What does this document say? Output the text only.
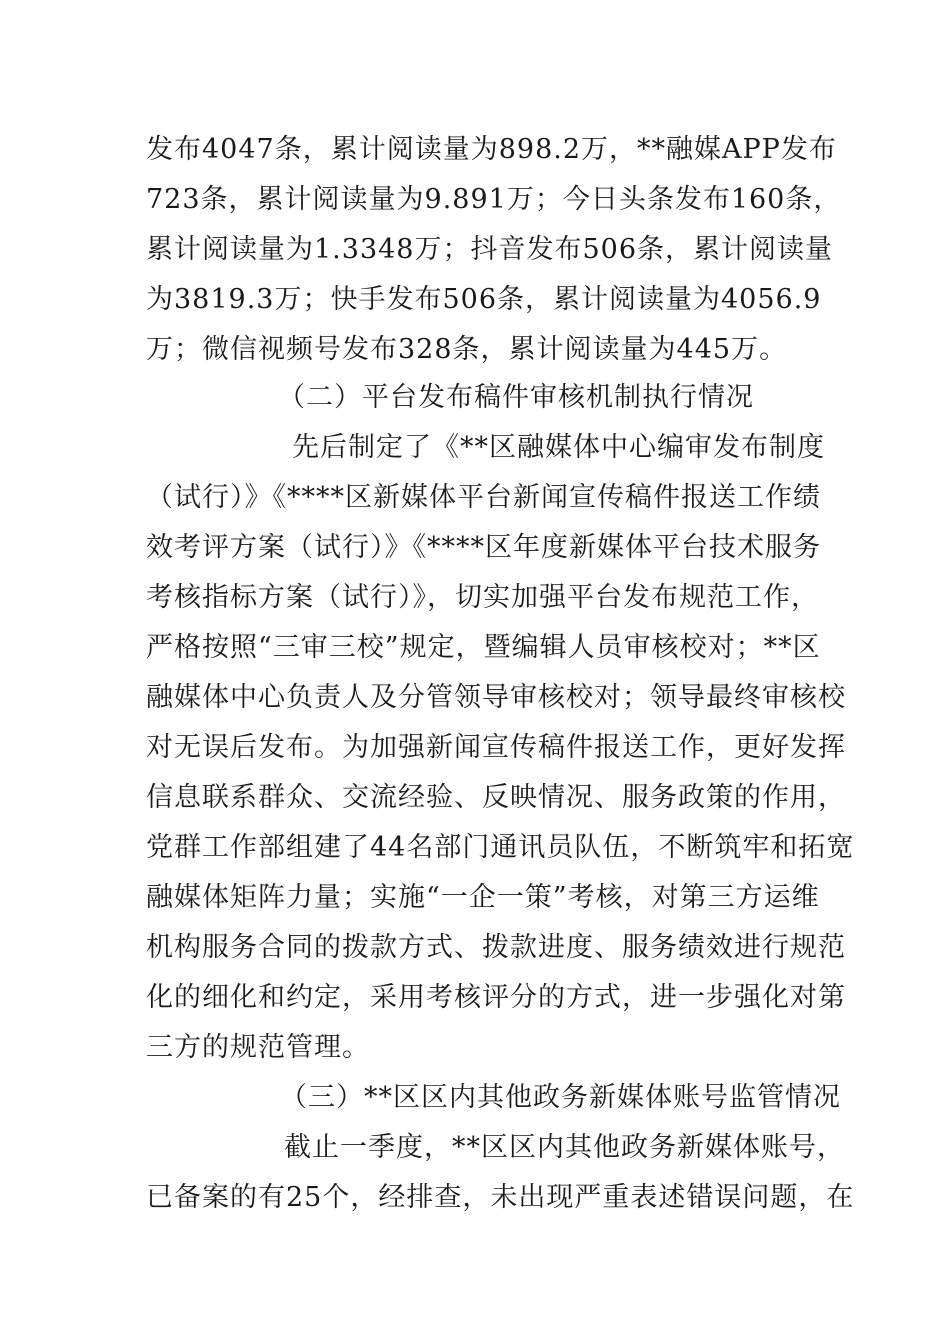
发布4047条，累计阅读量为898.2万，**融媒APP发布
723条，累计阅读量为9.891万；今日头条发布160条，
累计阅读量为1.3348万；抖音发布506条，累计阅读量
为3819.3万；快手发布506条，累计阅读量为4056.9
万；微信视频号发布328条，累计阅读量为445万。
（二）平台发布稿件审核机制执行情况
先后制定了《**区融媒体中心编审发布制度
（试行）》《****区新媒体平台新闻宣传稿件报送工作绩
效考评方案（试行）》《****区年度新媒体平台技术服务
考核指标方案（试行）》，切实加强平台发布规范工作，
严格按照“三审三校”规定，暨编辑人员审核校对；**区
融媒体中心负责人及分管领导审核校对；领导最终审核校
对无误后发布。为加强新闻宣传稿件报送工作，更好发挥
信息联系群众、交流经验、反映情况、服务政策的作用，
党群工作部组建了44名部门通讯员队伍，不断筑牢和拓宽
融媒体矩阵力量；实施“一企一策”考核，对第三方运维
机构服务合同的拨款方式、拨款进度、服务绩效进行规范
化的细化和约定，采用考核评分的方式，进一步强化对第
三方的规范管理。
（三）**区区内其他政务新媒体账号监管情况
截止一季度，**区区内其他政务新媒体账号，
已备案的有25个，经排查，未出现严重表述错误问题，在
